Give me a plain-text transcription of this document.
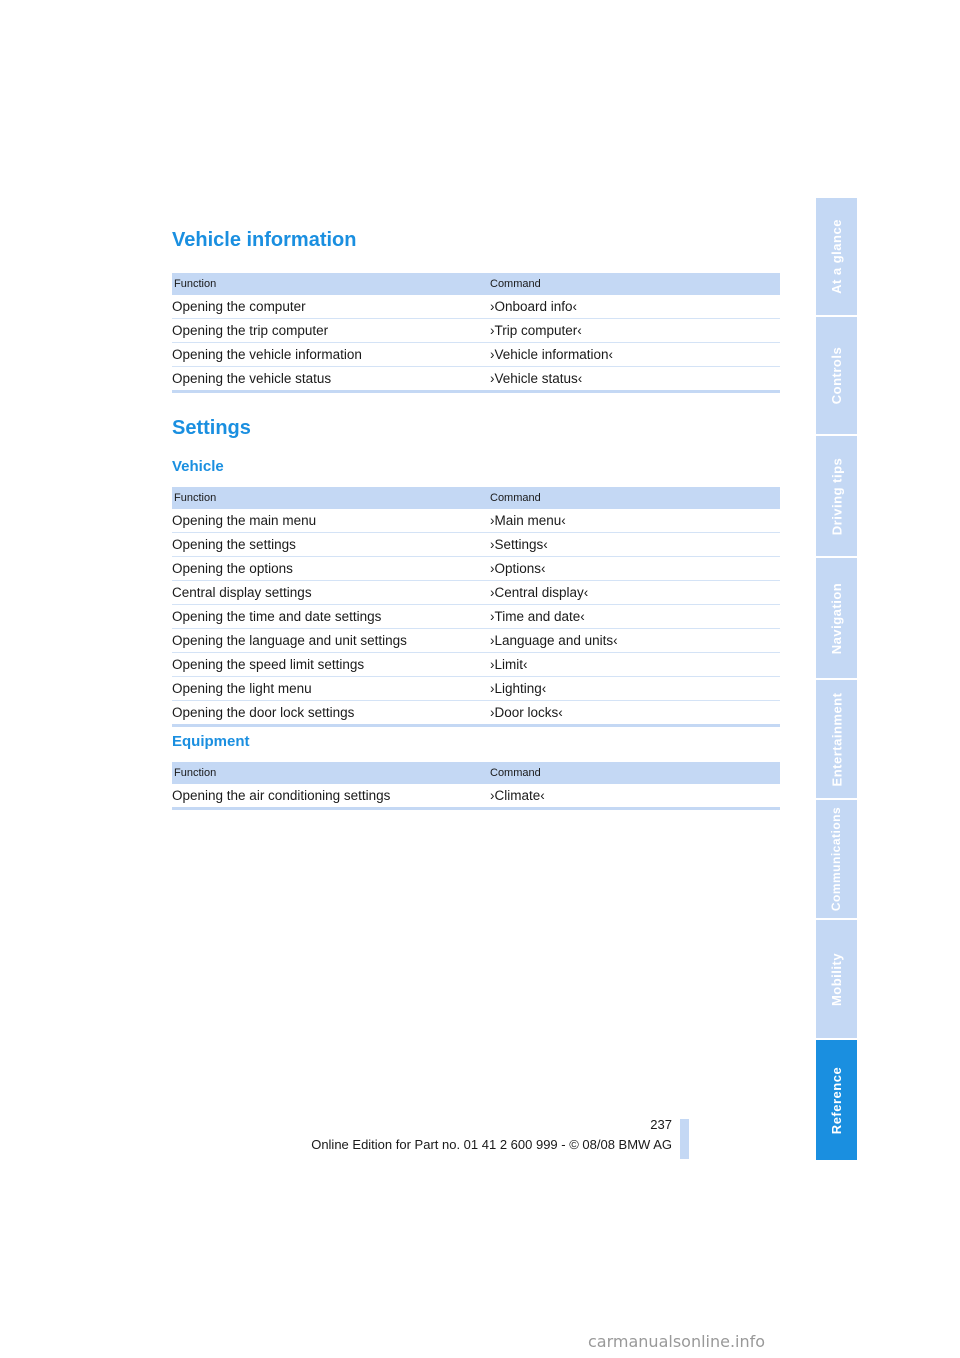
Vehicle information
Function	Command
Opening the computer	›Onboard info‹
Opening the trip computer	›Trip computer‹
Opening the vehicle information	›Vehicle information‹
Opening the vehicle status	›Vehicle status‹
Settings
Vehicle
Function	Command
Opening the main menu	›Main menu‹
Opening the settings	›Settings‹
Opening the options	›Options‹
Central display settings	›Central display‹
Opening the time and date settings	›Time and date‹
Opening the language and unit settings	›Language and units‹
Opening the speed limit settings	›Limit‹
Opening the light menu	›Lighting‹
Opening the door lock settings	›Door locks‹
Equipment
Function	Command
Opening the air conditioning settings	›Climate‹
At a glance
Controls
Driving tips
Navigation
Entertainment
Communications
Mobility
Reference
237
Online Edition for Part no. 01 41 2 600 999 - © 08/08 BMW AG
carmanualsonline.info
